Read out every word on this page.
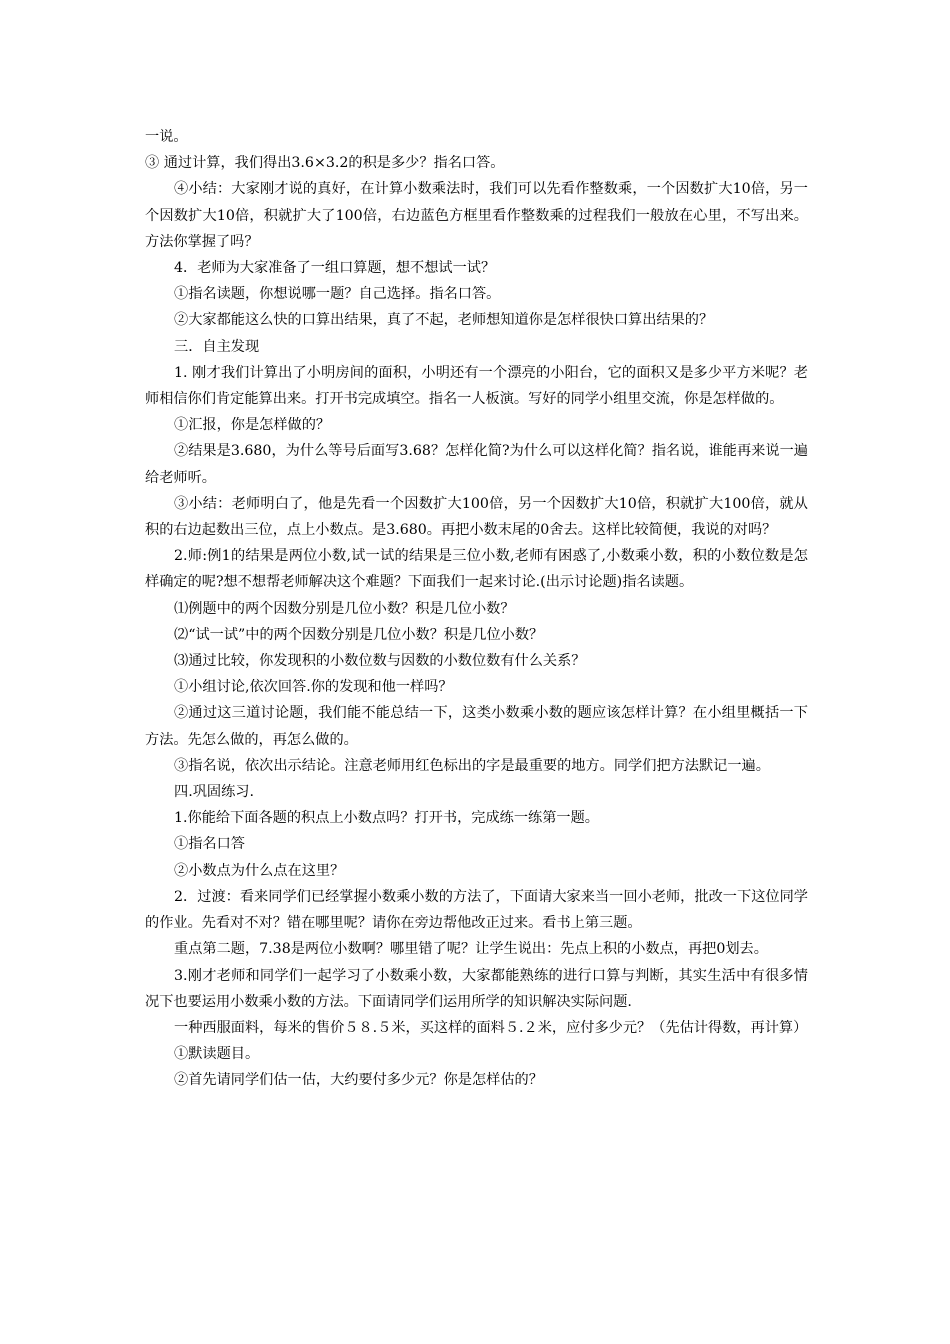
一说。

③ 通过计算，我们得出3.6×3.2的积是多少？指名口答。

④小结：大家刚才说的真好，在计算小数乘法时，我们可以先看作整数乘，一个因数扩大10倍，另一个因数扩大10倍，积就扩大了100倍，右边蓝色方框里看作整数乘的过程我们一般放在心里，不写出来。方法你掌握了吗？

4．老师为大家准备了一组口算题，想不想试一试？

①指名读题，你想说哪一题？自己选择。指名口答。

②大家都能这么快的口算出结果，真了不起，老师想知道你是怎样很快口算出结果的？

三．自主发现

1. 刚才我们计算出了小明房间的面积，小明还有一个漂亮的小阳台，它的面积又是多少平方米呢？老师相信你们肯定能算出来。打开书完成填空。指名一人板演。写好的同学小组里交流，你是怎样做的。

①汇报，你是怎样做的？

②结果是3.680，为什么等号后面写3.68？怎样化简?为什么可以这样化简？指名说，谁能再来说一遍给老师听。

③小结：老师明白了，他是先看一个因数扩大100倍，另一个因数扩大10倍，积就扩大100倍，就从积的右边起数出三位，点上小数点。是3.680。再把小数末尾的0舍去。这样比较简便，我说的对吗？

2.师:例1的结果是两位小数,试一试的结果是三位小数,老师有困惑了,小数乘小数，积的小数位数是怎样确定的呢?想不想帮老师解决这个难题？下面我们一起来讨论.(出示讨论题)指名读题。

⑴例题中的两个因数分别是几位小数？积是几位小数？

⑵“试一试”中的两个因数分别是几位小数？积是几位小数？

⑶通过比较，你发现积的小数位数与因数的小数位数有什么关系？

①小组讨论,依次回答.你的发现和他一样吗？

②通过这三道讨论题，我们能不能总结一下，这类小数乘小数的题应该怎样计算？在小组里概括一下方法。先怎么做的，再怎么做的。

③指名说，依次出示结论。注意老师用红色标出的字是最重要的地方。同学们把方法默记一遍。

四.巩固练习.

1.你能给下面各题的积点上小数点吗？打开书，完成练一练第一题。

①指名口答

②小数点为什么点在这里？

2．过渡：看来同学们已经掌握小数乘小数的方法了，下面请大家来当一回小老师，批改一下这位同学的作业。先看对不对？错在哪里呢？请你在旁边帮他改正过来。看书上第三题。

重点第二题，7.38是两位小数啊？哪里错了呢？让学生说出：先点上积的小数点，再把0划去。

3.刚才老师和同学们一起学习了小数乘小数，大家都能熟练的进行口算与判断，其实生活中有很多情况下也要运用小数乘小数的方法。下面请同学们运用所学的知识解决实际问题.

一种西服面料，每米的售价５８.５米，买这样的面料５.２米，应付多少元？（先估计得数，再计算）

①默读题目。

②首先请同学们估一估，大约要付多少元？你是怎样估的？
